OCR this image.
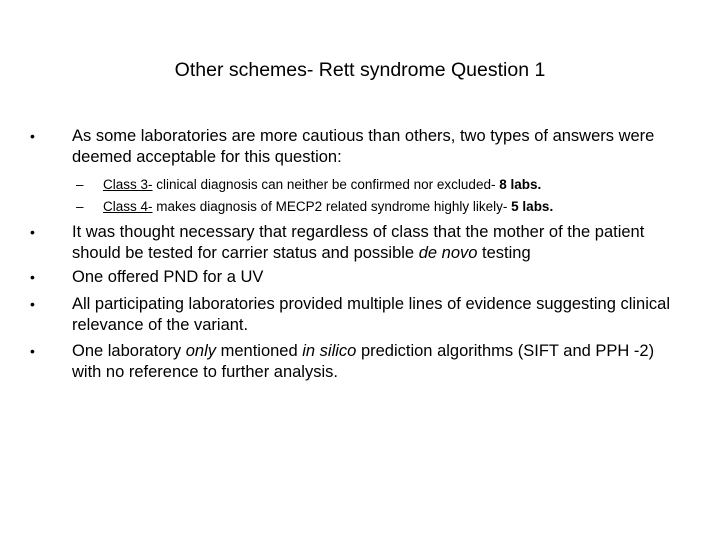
Other schemes- Rett syndrome Question 1
• As some laboratories are more cautious than others, two types of answers were deemed acceptable for this question:
– Class 3- clinical diagnosis can neither be confirmed nor excluded- 8 labs.
– Class 4- makes diagnosis of MECP2 related syndrome highly likely- 5 labs.
• It was thought necessary that regardless of class that the mother of the patient should be tested for carrier status and possible de novo testing
• One offered PND for a UV
• All participating laboratories provided multiple lines of evidence suggesting clinical relevance of the variant.
• One laboratory only mentioned in silico prediction algorithms (SIFT and PPH -2) with no reference to further analysis.
